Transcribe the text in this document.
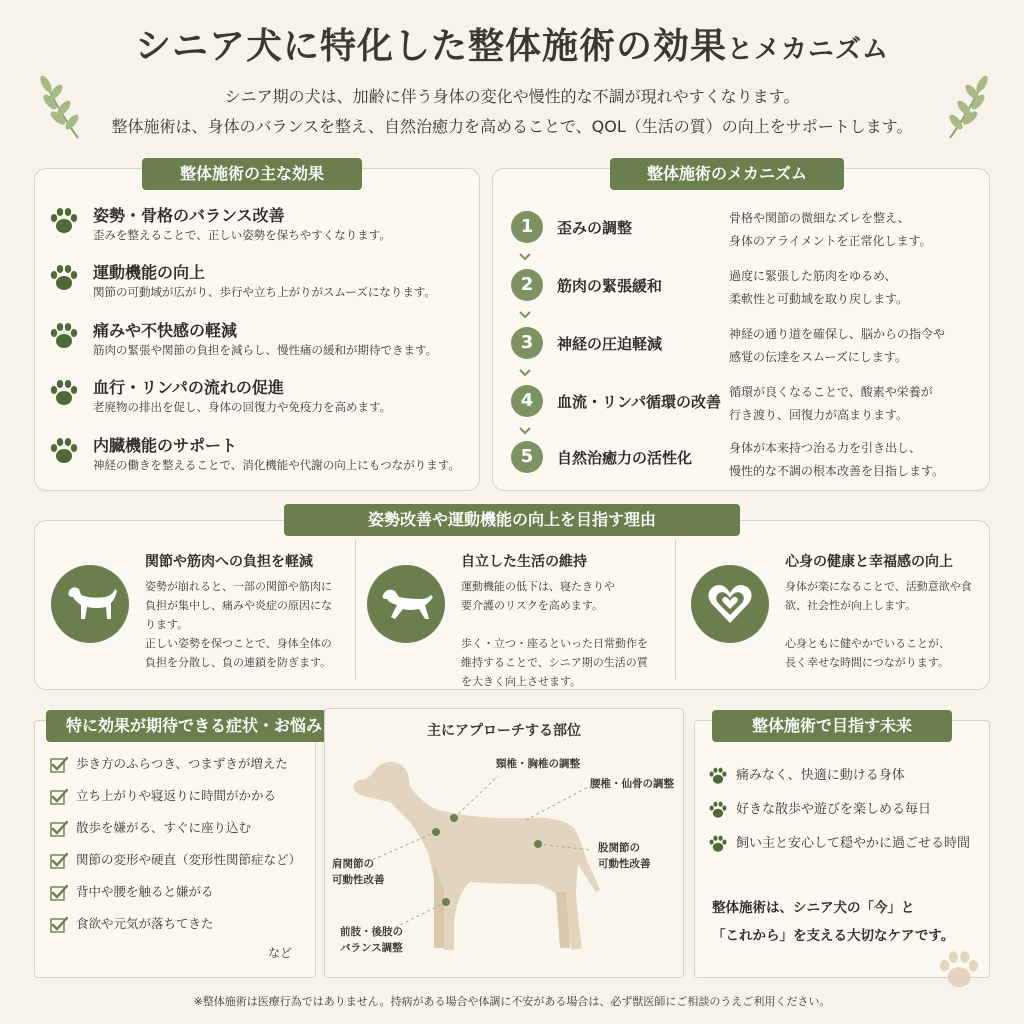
シニア犬に特化した整体施術の効果とメカニズム
シニア期の犬は、加齢に伴う身体の変化や慢性的な不調が現れやすくなります。
整体施術は、身体のバランスを整え、自然治癒力を高めることで、QOL（生活の質）の向上をサポートします。
姿勢・骨格のバランス改善
歪みを整えることで、正しい姿勢を保ちやすくなります。
運動機能の向上
関節の可動域が広がり、歩行や立ち上がりがスムーズになります。
痛みや不快感の軽減
筋肉の緊張や関節の負担を減らし、慢性痛の緩和が期待できます。
血行・リンパの流れの促進
老廃物の排出を促し、身体の回復力や免疫力を高めます。
内臓機能のサポート
神経の働きを整えることで、消化機能や代謝の向上にもつながります。
整体施術の主な効果
1	歪みの調整
骨格や関節の微細なズレを整え、
身体のアライメントを正常化します。
2	筋肉の緊張緩和
過度に緊張した筋肉をゆるめ、
柔軟性と可動域を取り戻します。
3	神経の圧迫軽減
神経の通り道を確保し、脳からの指令や
感覚の伝達をスムーズにします。
4	血流・リンパ循環の改善
循環が良くなることで、酸素や栄養が
行き渡り、回復力が高まります。
5	自然治癒力の活性化
身体が本来持つ治る力を引き出し、
慢性的な不調の根本改善を目指します。
整体施術のメカニズム
関節や筋肉への負担を軽減
姿勢が崩れると、一部の関節や筋肉に
負担が集中し、痛みや炎症の原因にな
ります。
正しい姿勢を保つことで、身体全体の
負担を分散し、負の連鎖を防ぎます。
自立した生活の維持
運動機能の低下は、寝たきりや
要介護のリスクを高めます。

歩く・立つ・座るといった日常動作を
維持することで、シニア期の生活の質
を大きく向上させます。
心身の健康と幸福感の向上
身体が楽になることで、活動意欲や食
欲、社会性が向上します。

心身ともに健やかでいることが、
長く幸せな時間につながります。
姿勢改善や運動機能の向上を目指す理由
特に効果が期待できる症状・お悩み
歩き方のふらつき、つまずきが増えた
立ち上がりや寝返りに時間がかかる
散歩を嫌がる、すぐに座り込む
関節の変形や硬直（変形性関節症など）
背中や腰を触ると嫌がる
食欲や元気が落ちてきた
など
主にアプローチする部位
頸椎・胸椎の調整
腰椎・仙骨の調整
股関節の
可動性改善
肩関節の
可動性改善
前肢・後肢の
バランス調整
整体施術で目指す未来
痛みなく、快適に動ける身体
好きな散歩や遊びを楽しめる毎日
飼い主と安心して穏やかに過ごせる時間
整体施術は、シニア犬の「今」と
「これから」を支える大切なケアです。
※整体施術は医療行為ではありません。持病がある場合や体調に不安がある場合は、必ず獣医師にご相談のうえご利用ください。
